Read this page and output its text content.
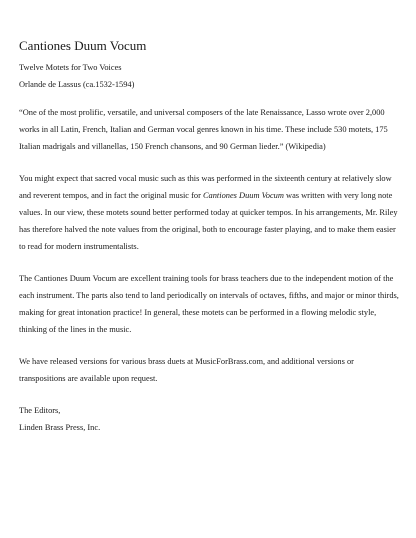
Cantiones Duum Vocum
Twelve Motets for Two Voices
Orlande de Lassus (ca.1532-1594)

“One of the most prolific, versatile, and universal composers of the late Renaissance, Lasso wrote over 2,000 works in all Latin, French, Italian and German vocal genres known in his time. These include 530 motets, 175 Italian madrigals and villanellas, 150 French chansons, and 90 German lieder.” (Wikipedia)

You might expect that sacred vocal music such as this was performed in the sixteenth century at relatively slow and reverent tempos, and in fact the original music for Cantiones Duum Vocum was written with very long note values. In our view, these motets sound better performed today at quicker tempos. In his arrangements, Mr. Riley has therefore halved the note values from the original, both to encourage faster playing, and to make them easier to read for modern instrumentalists.

The Cantiones Duum Vocum are excellent training tools for brass teachers due to the independent motion of the each instrument. The parts also tend to land periodically on intervals of octaves, fifths, and major or minor thirds, making for great intonation practice! In general, these motets can be performed in a flowing melodic style, thinking of the lines in the music.

We have released versions for various brass duets at MusicForBrass.com, and additional versions or transpositions are available upon request.

The Editors,
Linden Brass Press, Inc.
